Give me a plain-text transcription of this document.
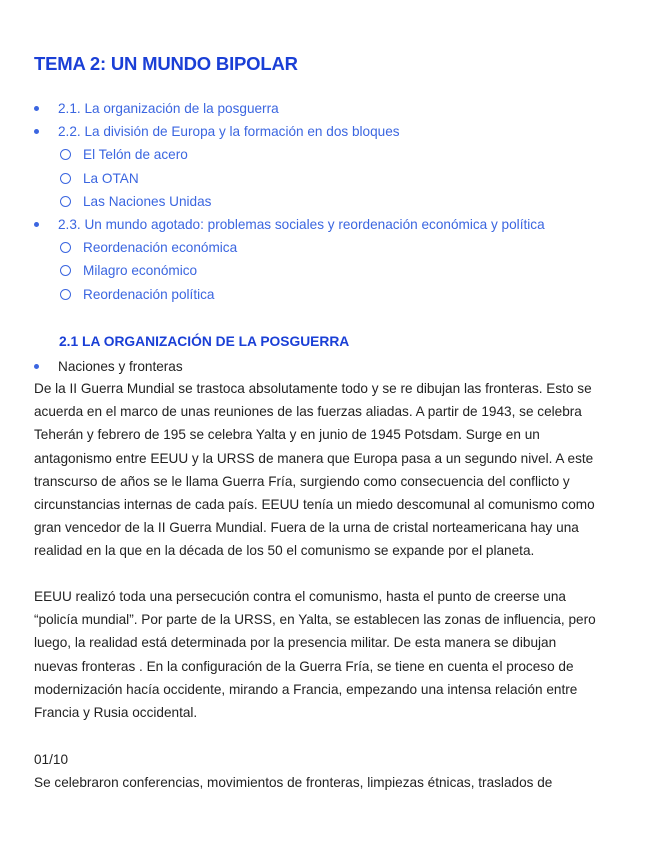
TEMA 2: UN MUNDO BIPOLAR
2.1. La organización de la posguerra
2.2. La división de Europa y la formación en dos bloques
El Telón de acero
La OTAN
Las Naciones Unidas
2.3. Un mundo agotado: problemas sociales y reordenación económica y política
Reordenación económica
Milagro económico
Reordenación política
2.1 LA ORGANIZACIÓN DE LA POSGUERRA
Naciones y fronteras
De la II Guerra Mundial se trastoca absolutamente todo y se re dibujan las fronteras. Esto se
acuerda en el marco de unas reuniones de las fuerzas aliadas. A partir de 1943, se celebra
Teherán y febrero de 195 se celebra Yalta y en junio de 1945 Potsdam. Surge en un
antagonismo entre EEUU y la URSS de manera que Europa pasa a un segundo nivel. A este
transcurso de años se le llama Guerra Fría, surgiendo como consecuencia del conflicto y
circunstancias internas de cada país. EEUU tenía un miedo descomunal al comunismo como
gran vencedor de la II Guerra Mundial. Fuera de la urna de cristal norteamericana hay una
realidad en la que en la década de los 50 el comunismo se expande por el planeta.
EEUU realizó toda una persecución contra el comunismo, hasta el punto de creerse una
“policía mundial”. Por parte de la URSS, en Yalta, se establecen las zonas de influencia, pero
luego, la realidad está determinada por la presencia militar. De esta manera se dibujan
nuevas fronteras . En la configuración de la Guerra Fría, se tiene en cuenta el proceso de
modernización hacía occidente, mirando a Francia, empezando una intensa relación entre
Francia y Rusia occidental.
01/10
Se celebraron conferencias, movimientos de fronteras, limpiezas étnicas, traslados de
